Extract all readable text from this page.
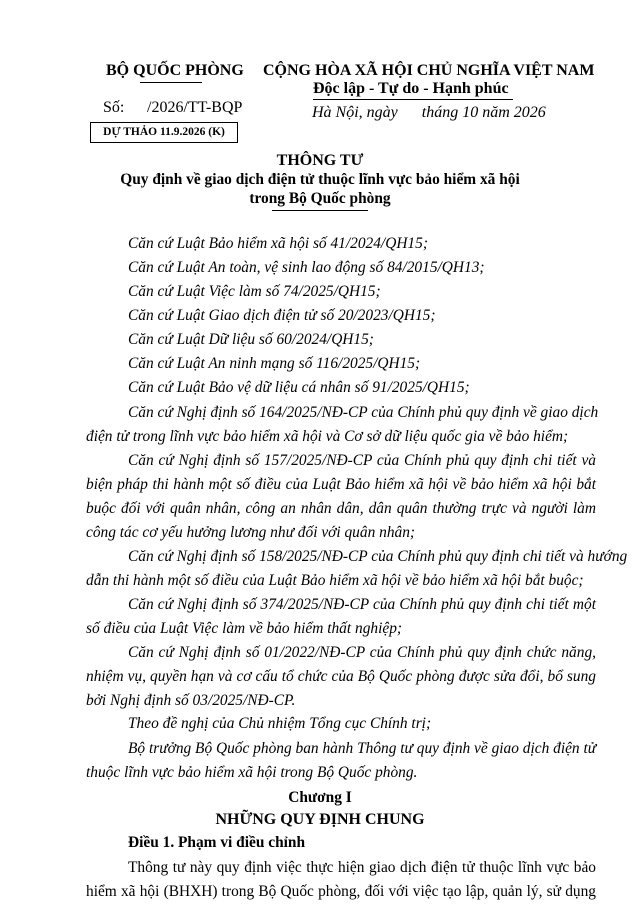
BỘ QUỐC PHÒNG
Số: /2026/TT-BQP
DỰ THẢO 11.9.2026 (K)
CỘNG HÒA XÃ HỘI CHỦ NGHĨA VIỆT NAM
Độc lập - Tự do - Hạnh phúc
Hà Nội, ngày      tháng 10 năm 2026
THÔNG TƯ
Quy định về giao dịch điện tử thuộc lĩnh vực bảo hiểm xã hội
trong Bộ Quốc phòng
Căn cứ Luật Bảo hiểm xã hội số 41/2024/QH15;
Căn cứ Luật An toàn, vệ sinh lao động số 84/2015/QH13;
Căn cứ Luật Việc làm số 74/2025/QH15;
Căn cứ Luật Giao dịch điện tử số 20/2023/QH15;
Căn cứ Luật Dữ liệu số 60/2024/QH15;
Căn cứ Luật An ninh mạng số 116/2025/QH15;
Căn cứ Luật Bảo vệ dữ liệu cá nhân số 91/2025/QH15;
Căn cứ Nghị định số 164/2025/NĐ-CP của Chính phủ quy định về giao dịch
điện tử trong lĩnh vực bảo hiểm xã hội và Cơ sở dữ liệu quốc gia về bảo hiểm;
Căn cứ Nghị định số 157/2025/NĐ-CP của Chính phủ quy định chi tiết và
biện pháp thi hành một số điều của Luật Bảo hiểm xã hội về bảo hiểm xã hội bắt
buộc đối với quân nhân, công an nhân dân, dân quân thường trực và người làm
công tác cơ yếu hưởng lương như đối với quân nhân;
Căn cứ Nghị định số 158/2025/NĐ-CP của Chính phủ quy định chi tiết và hướng
dẫn thi hành một số điều của Luật Bảo hiểm xã hội về bảo hiểm xã hội bắt buộc;
Căn cứ Nghị định số 374/2025/NĐ-CP của Chính phủ quy định chi tiết một
số điều của Luật Việc làm về bảo hiểm thất nghiệp;
Căn cứ Nghị định số 01/2022/NĐ-CP của Chính phủ quy định chức năng,
nhiệm vụ, quyền hạn và cơ cấu tổ chức của Bộ Quốc phòng được sửa đổi, bổ sung
bởi Nghị định số 03/2025/NĐ-CP.
Theo đề nghị của Chủ nhiệm Tổng cục Chính trị;
Bộ trưởng Bộ Quốc phòng ban hành Thông tư quy định về giao dịch điện tử
thuộc lĩnh vực bảo hiểm xã hội trong Bộ Quốc phòng.
Chương I
NHỮNG QUY ĐỊNH CHUNG
Điều 1. Phạm vi điều chỉnh
Thông tư này quy định việc thực hiện giao dịch điện tử thuộc lĩnh vực bảo
hiểm xã hội (BHXH) trong Bộ Quốc phòng, đối với việc tạo lập, quản lý, sử dụng
